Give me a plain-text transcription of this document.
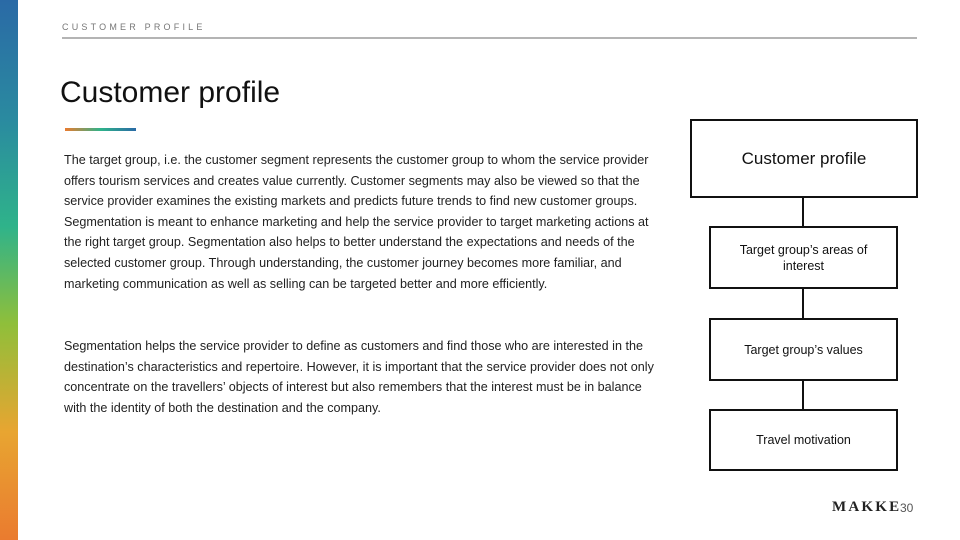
CUSTOMER PROFILE
Customer profile

The target group, i.e. the customer segment represents the customer group to whom the service provider offers tourism services and creates value currently. Customer segments may also be viewed so that the service provider examines the existing markets and predicts future trends to find new customer groups. Segmentation is meant to enhance marketing and help the service provider to target marketing actions at the right target group. Segmentation also helps to better understand the expectations and needs of the selected customer group. Through understanding, the customer journey becomes more familiar, and marketing communication as well as selling can be targeted better and more efficiently.

Segmentation helps the service provider to define as customers and find those who are interested in the destination’s characteristics and repertoire. However, it is important that the service provider does not only concentrate on the travellers’ objects of interest but also remembers that the interest must be in balance with the identity of both the destination and the company.

Customer profile
Target group’s areas of interest
Target group’s values
Travel motivation
MAKKE
30
